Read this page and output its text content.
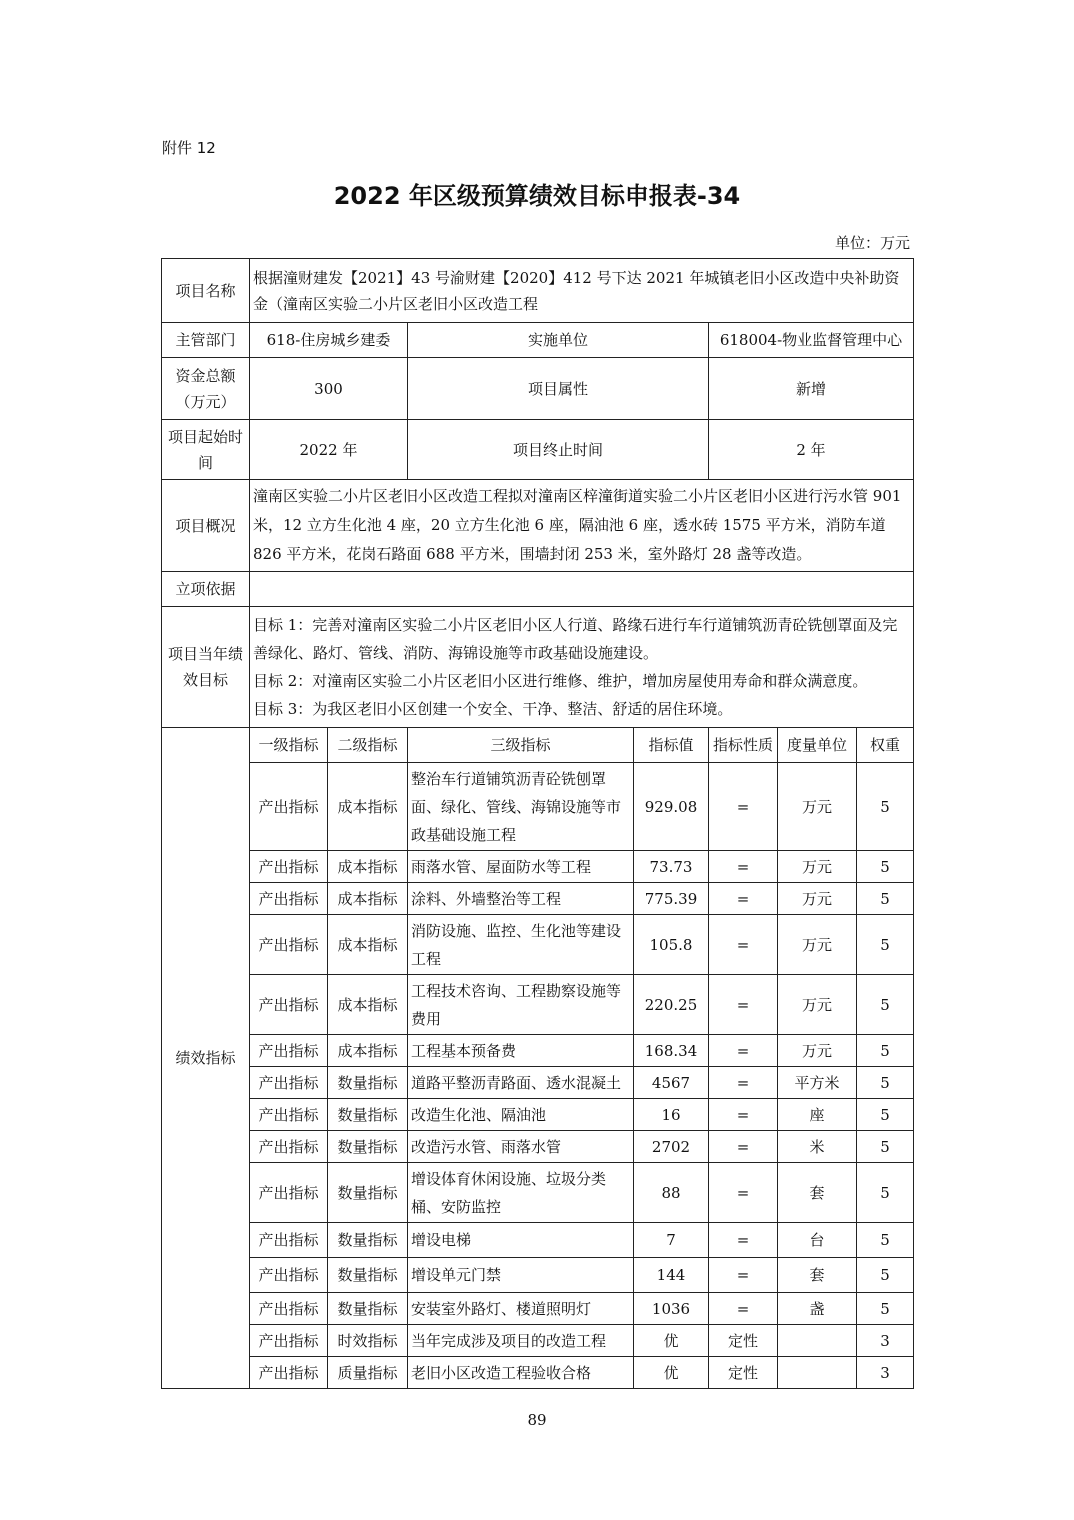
附件 12
2022 年区级预算绩效目标申报表-34
单位：万元
项目名称	根据潼财建发【2021】43 号渝财建【2020】412 号下达 2021 年城镇老旧小区改造中央补助资金（潼南区实验二小片区老旧小区改造工程						
主管部门	618-住房城乡建委		实施单位		618004-物业监督管理中心		
资金总额（万元）	300		项目属性		新增		
项目起始时间	2022 年		项目终止时间		2 年		
项目概况	潼南区实验二小片区老旧小区改造工程拟对潼南区梓潼街道实验二小片区老旧小区进行污水管 901 米，12 立方生化池 4 座，20 立方生化池 6 座，隔油池 6 座，透水砖 1575 平方米，消防车道 826 平方米，花岗石路面 688 平方米，围墙封闭 253 米，室外路灯 28 盏等改造。						
立项依据							
项目当年绩效目标	目标 1：完善对潼南区实验二小片区老旧小区人行道、路缘石进行车行道铺筑沥青砼铣刨罩面及完善绿化、路灯、管线、消防、海锦设施等市政基础设施建设。
目标 2：对潼南区实验二小片区老旧小区进行维修、维护，增加房屋使用寿命和群众满意度。
目标 3：为我区老旧小区创建一个安全、干净、整洁、舒适的居住环境。						

绩效指标	一级指标	二级指标	三级指标	指标值	指标性质	度量单位	权重
	产出指标	成本指标	整治车行道铺筑沥青砼铣刨罩面、绿化、管线、海锦设施等市政基础设施工程	929.08	=	万元	5
	产出指标	成本指标	雨落水管、屋面防水等工程	73.73	=	万元	5
	产出指标	成本指标	涂料、外墙整治等工程	775.39	=	万元	5
	产出指标	成本指标	消防设施、监控、生化池等建设工程	105.8	=	万元	5
	产出指标	成本指标	工程技术咨询、工程勘察设施等费用	220.25	=	万元	5
	产出指标	成本指标	工程基本预备费	168.34	=	万元	5
	产出指标	数量指标	道路平整沥青路面、透水混凝土	4567	=	平方米	5
	产出指标	数量指标	改造生化池、隔油池	16	=	座	5
	产出指标	数量指标	改造污水管、雨落水管	2702	=	米	5
	产出指标	数量指标	增设体育休闲设施、垃圾分类桶、安防监控	88	=	套	5
	产出指标	数量指标	增设电梯	7	=	台	5
	产出指标	数量指标	增设单元门禁	144	=	套	5
	产出指标	数量指标	安装室外路灯、楼道照明灯	1036	=	盏	5
	产出指标	时效指标	当年完成涉及项目的改造工程	优	定性		3
	产出指标	质量指标	老旧小区改造工程验收合格	优	定性		3
89
